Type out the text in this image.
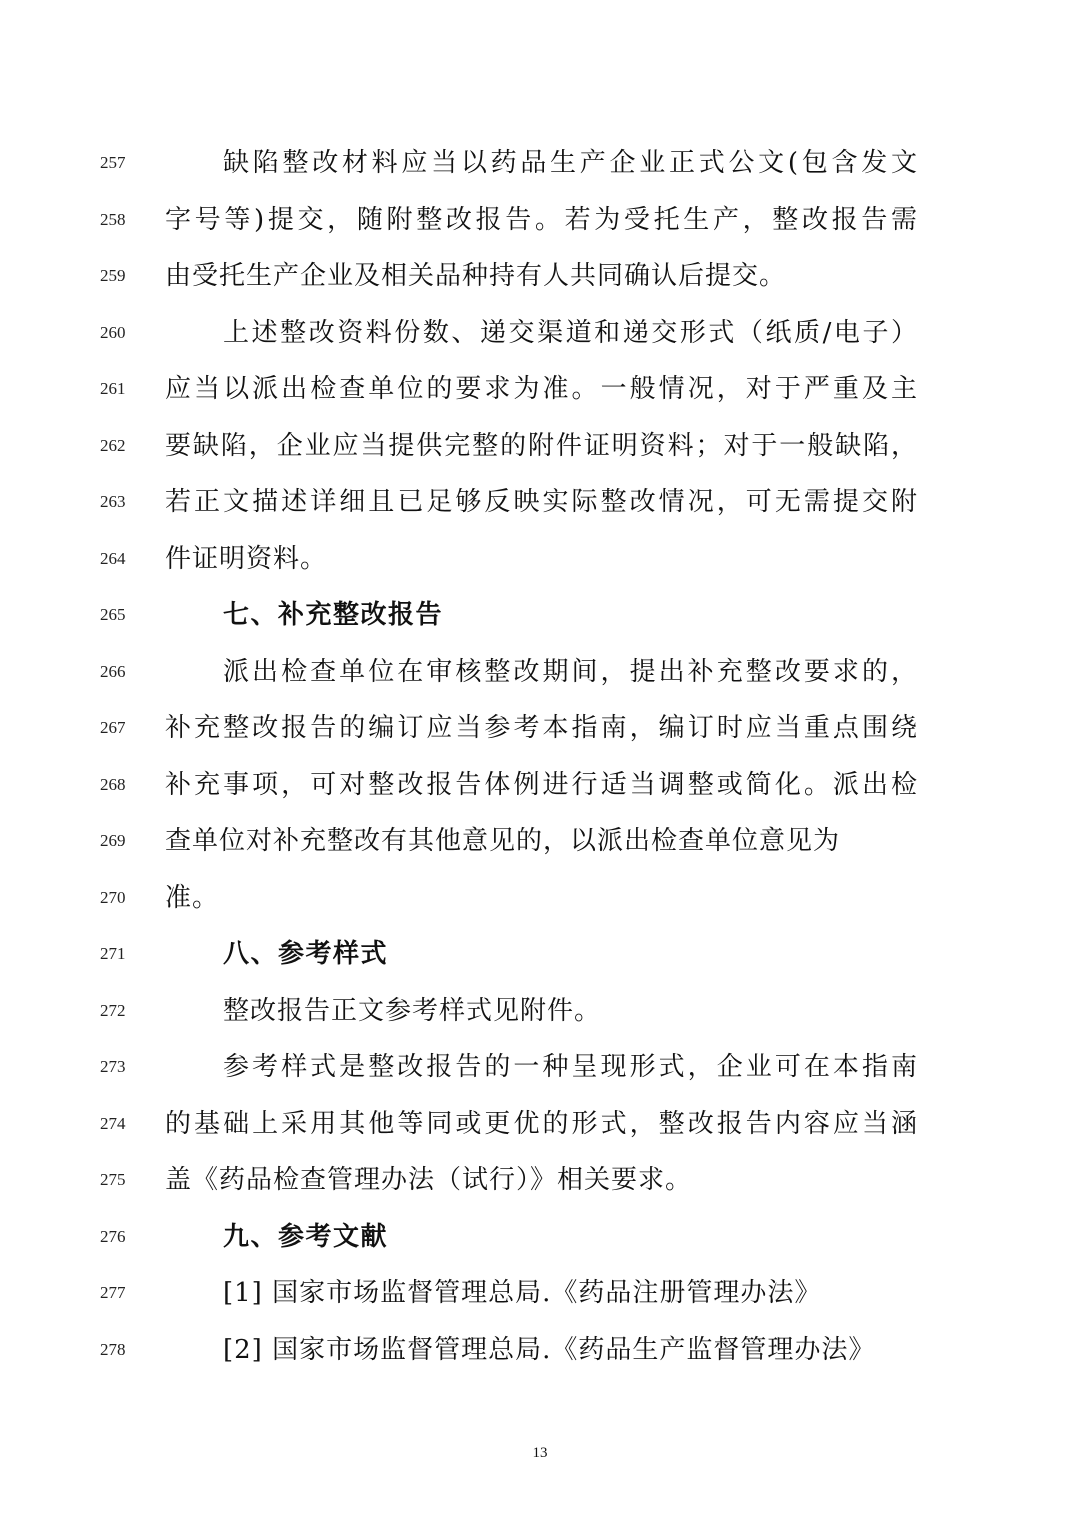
257	缺陷整改材料应当以药品生产企业正式公文(包含发文
258 字号等)提交，随附整改报告。若为受托生产，整改报告需
259 由受托生产企业及相关品种持有人共同确认后提交。
260	上述整改资料份数、递交渠道和递交形式（纸质/电子）
261 应当以派出检查单位的要求为准。一般情况，对于严重及主
262 要缺陷，企业应当提供完整的附件证明资料；对于一般缺陷，
263 若正文描述详细且已足够反映实际整改情况，可无需提交附
264 件证明资料。
265	七、补充整改报告
266	派出检查单位在审核整改期间，提出补充整改要求的，
267 补充整改报告的编订应当参考本指南，编订时应当重点围绕
268 补充事项，可对整改报告体例进行适当调整或简化。派出检
269 查单位对补充整改有其他意见的，以派出检查单位意见为
270 准。
271	八、参考样式
272	整改报告正文参考样式见附件。
273	参考样式是整改报告的一种呈现形式，企业可在本指南
274 的基础上采用其他等同或更优的形式，整改报告内容应当涵
275 盖《药品检查管理办法（试行）》相关要求。
276	九、参考文献
277	[1] 国家市场监督管理总局.《药品注册管理办法》
278	[2] 国家市场监督管理总局.《药品生产监督管理办法》
13
